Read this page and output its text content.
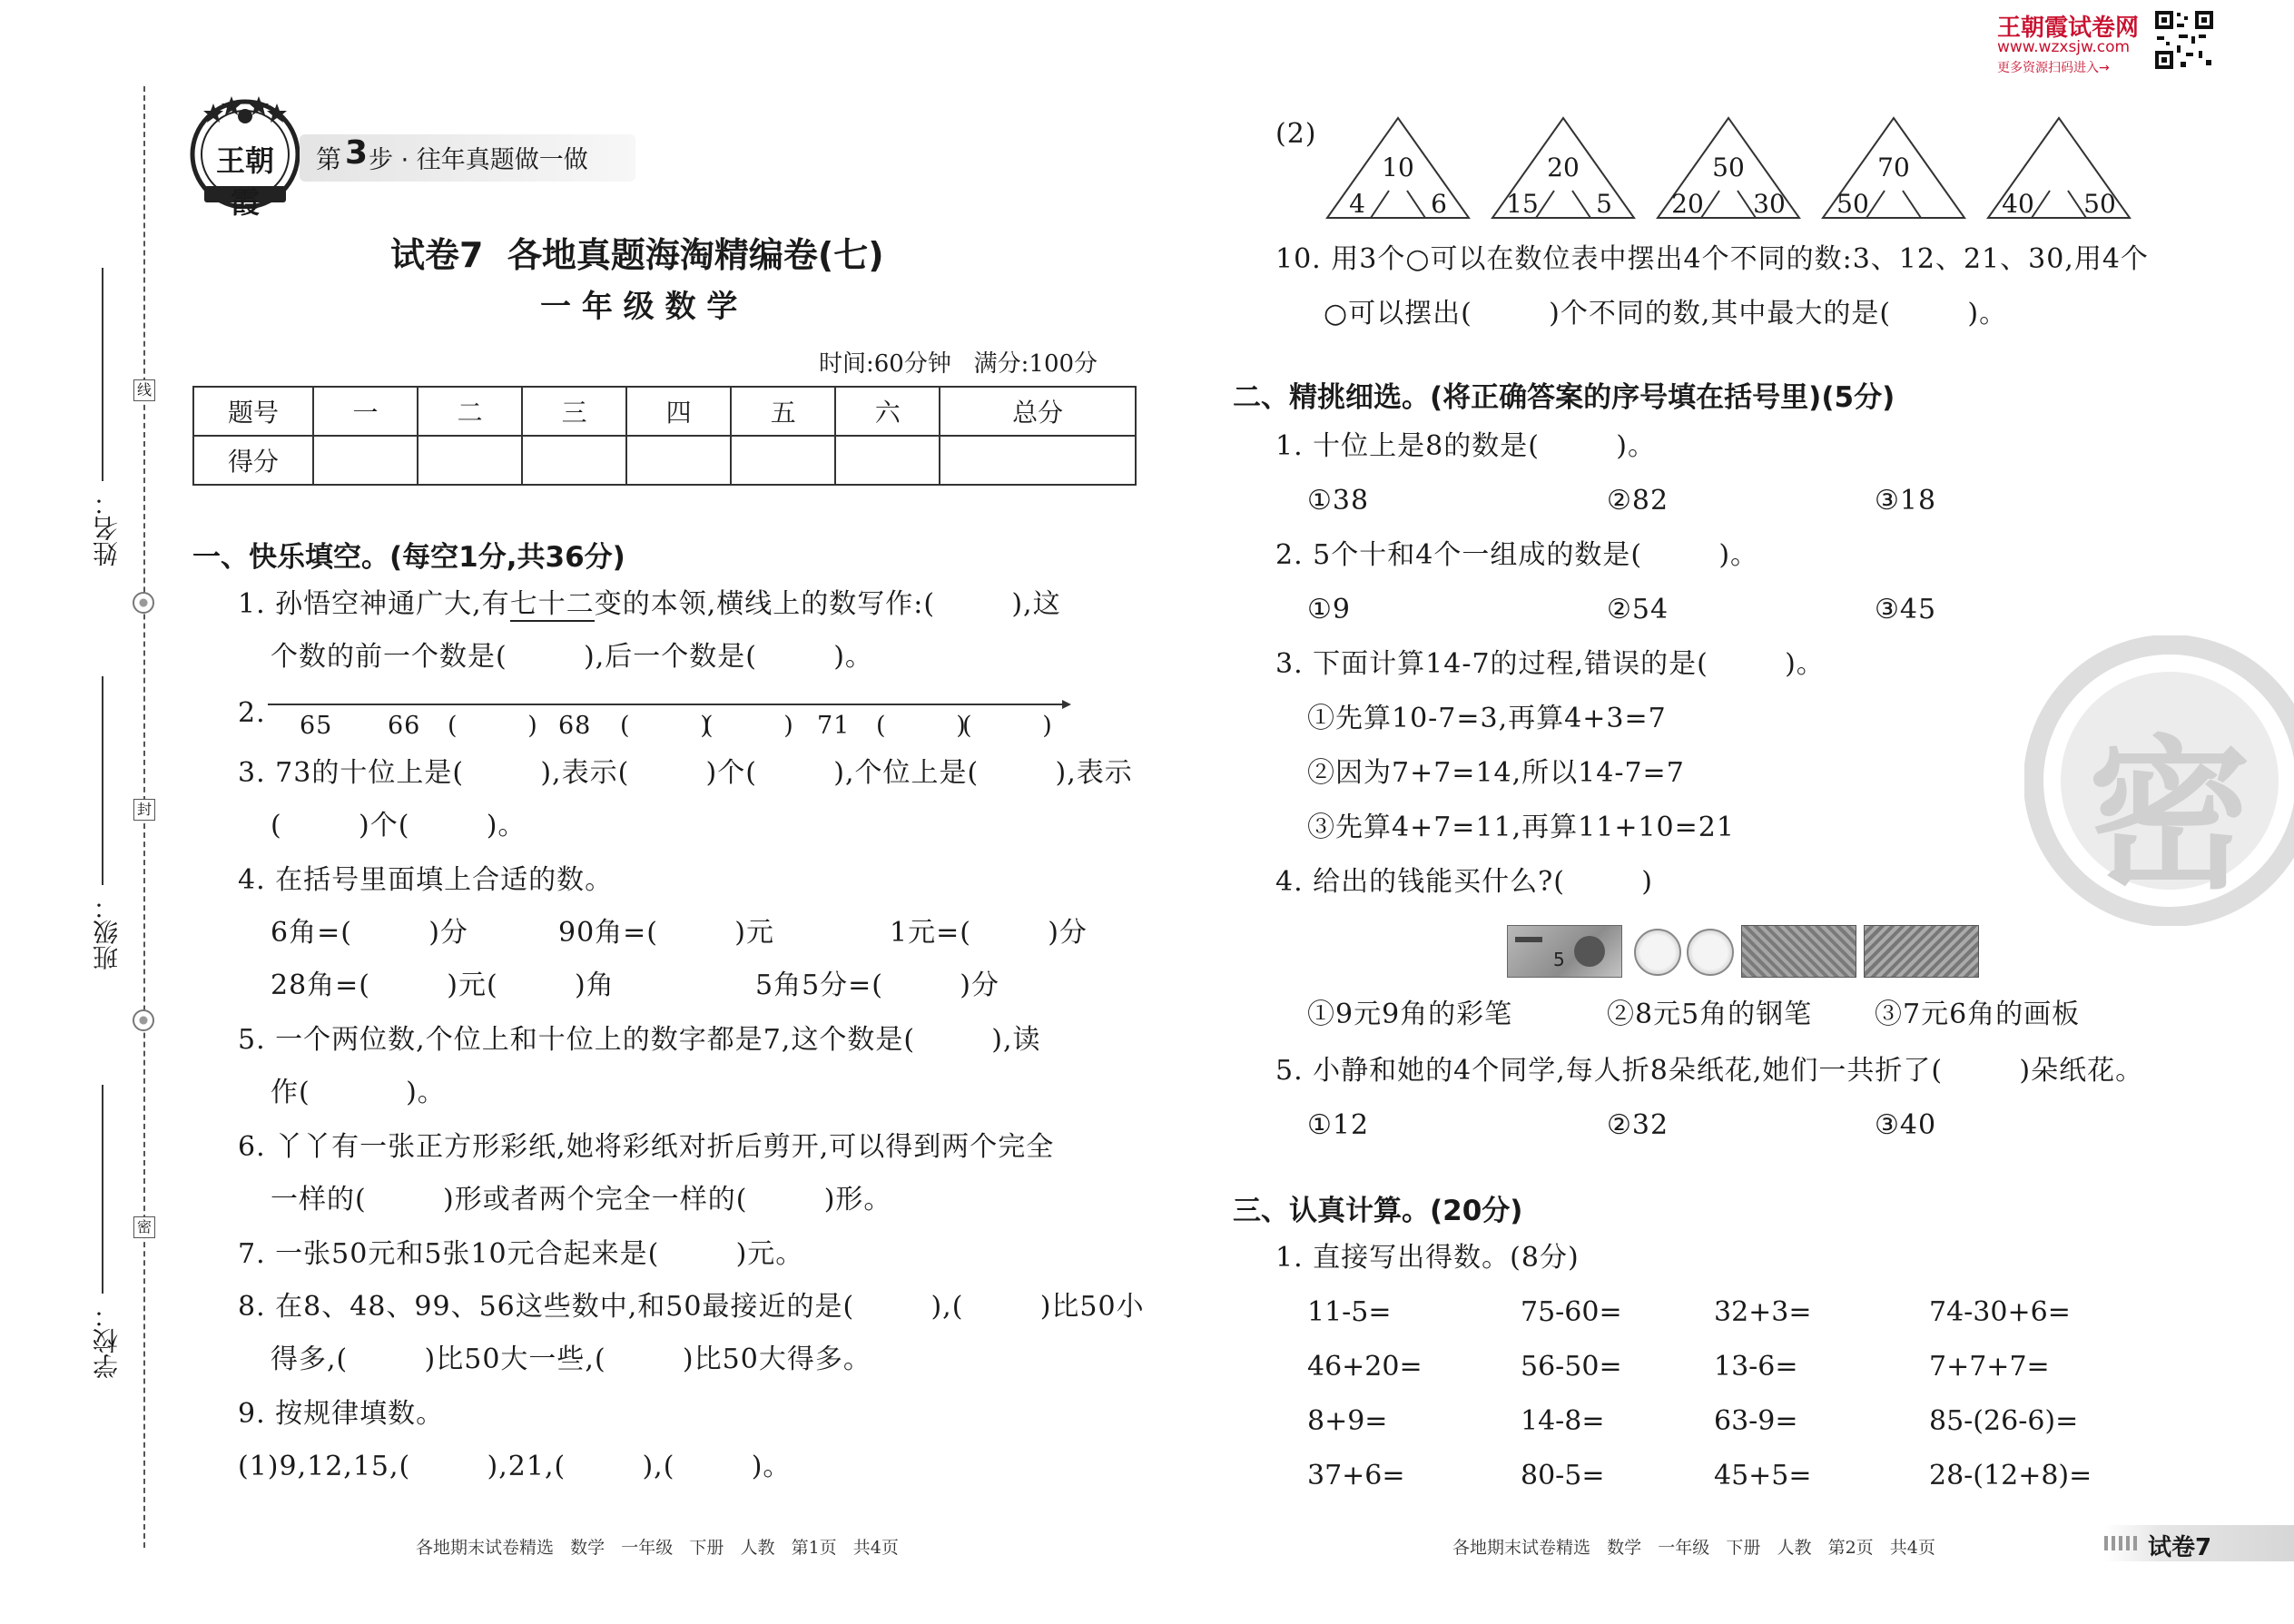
线
封
密
姓名：
班级：
学校：
王朝霞
第 3 步 · 往年真题做一做
试卷7  各地真题海淘精编卷(七)
一 年 级 数 学
时间:60分钟   满分:100分
题号	一	二	三	四	五	六	总分
得分							
一、快乐填空。(每空1分,共36分)
1. 孙悟空神通广大,有七十二变的本领,横线上的数写作:(        ),这
个数的前一个数是(        ),后一个数是(        )。
2. 65 66 (        ) 68 (        )
(        ) 71 (        )
(        )
3. 73的十位上是(        ),表示(        )个(        ),个位上是(        ),表示
(        )个(        )。
4. 在括号里面填上合适的数。
6角=(        )分	90角=(        )元	1元=(        )分
28角=(        )元(        )角	5角5分=(        )分
5. 一个两位数,个位上和十位上的数字都是7,这个数是(        ),读
作(          )。
6. 丫丫有一张正方形彩纸,她将彩纸对折后剪开,可以得到两个完全
一样的(        )形或者两个完全一样的(        )形。
7. 一张50元和5张10元合起来是(        )元。
8. 在8、48、99、56这些数中,和50最接近的是(        ),(        )比50小
得多,(        )比50大一些,(        )比50大得多。
9. 按规律填数。
(1)9,12,15,(        ),21,(        ),(        )。
各地期末试卷精选   数学   一年级   下册   人教   第1页   共4页
王朝霞试卷网
www.wzxsjw.com
更多资源扫码进入→
密
(2)
10
4	6
20
15	5
50
20 30
70
50	40 50
10. 用3个○可以在数位表中摆出4个不同的数:3、12、21、30,用4个
○可以摆出(        )个不同的数,其中最大的是(        )。
二、精挑细选。(将正确答案的序号填在括号里)(5分)
1. 十位上是8的数是(        )。
①38	②82	③18
2. 5个十和4个一组成的数是(        )。
①9	②54	③45
3. 下面计算14-7的过程,错误的是(        )。
①先算10-7=3,再算4+3=7
②因为7+7=14,所以14-7=7
③先算4+7=11,再算11+10=21
4. 给出的钱能买什么?(        )
5
①9元9角的彩笔	②8元5角的钢笔 ③7元6角的画板
5. 小静和她的4个同学,每人折8朵纸花,她们一共折了(        )朵纸花。
①12	②32	③40
三、认真计算。(20分)
1. 直接写出得数。(8分)
11-5=	75-60=	32+3=	74-30+6=
46+20=	56-50=	13-6=	7+7+7=
8+9=	14-8=	63-9=	85-(26-6)=
37+6=	80-5=	45+5=	28-(12+8)=
各地期末试卷精选   数学   一年级   下册   人教   第2页   共4页	试卷7
